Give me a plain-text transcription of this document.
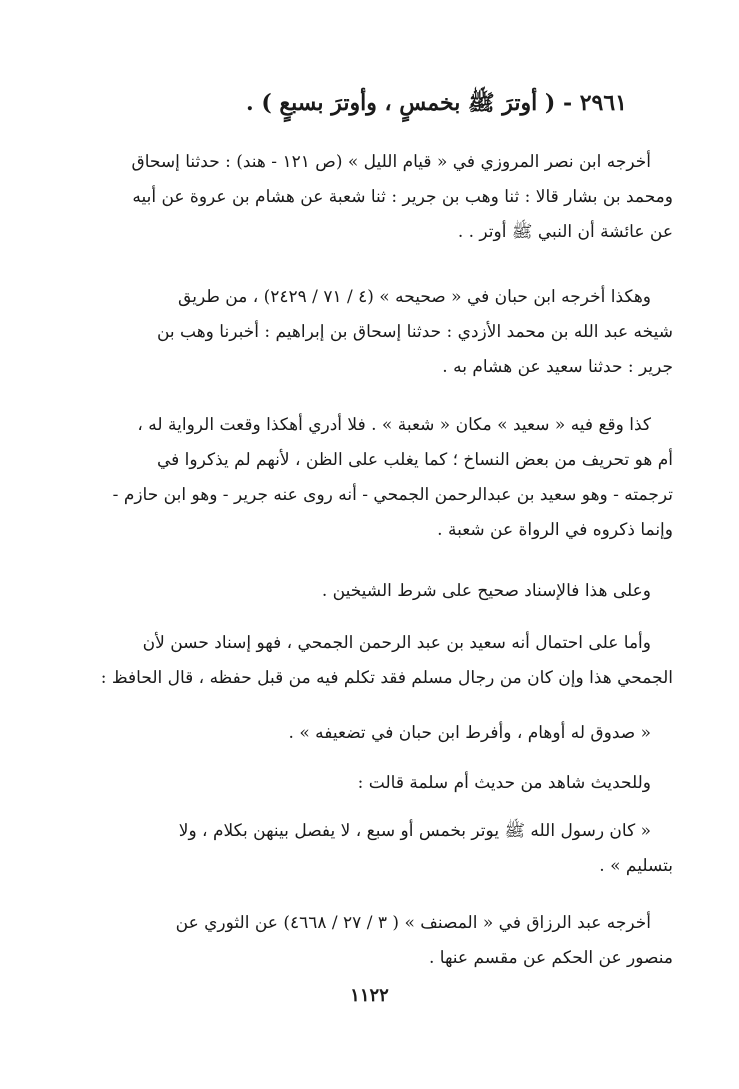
٢٩٦١ - ( أوترَ ﷺ بخمسٍ ، وأوترَ بسبعٍ ) .
أخرجه ابن نصر المروزي في « قيام الليل » (ص ١٢١ - هند) : حدثنا إسحاق
ومحمد بن بشار قالا : ثنا وهب بن جرير : ثنا شعبة عن هشام بن عروة عن أبيه
عن عائشة أن النبي ﷺ أوتر . .
وهكذا أخرجه ابن حبان في « صحيحه » (٤ / ٧١ / ٢٤٢٩) ، من طريق
شيخه عبد الله بن محمد الأزدي : حدثنا إسحاق بن إبراهيم : أخبرنا وهب بن
جرير : حدثنا سعيد عن هشام به .
كذا وقع فيه « سعيد » مكان « شعبة » . فلا أدري أهكذا وقعت الرواية له ،
أم هو تحريف من بعض النساخ ؛ كما يغلب على الظن ، لأنهم لم يذكروا في
ترجمته - وهو سعيد بن عبدالرحمن الجمحي - أنه روى عنه جرير - وهو ابن حازم -
وإنما ذكروه في الرواة عن شعبة .
وعلى هذا فالإسناد صحيح على شرط الشيخين .
وأما على احتمال أنه سعيد بن عبد الرحمن الجمحي ، فهو إسناد حسن لأن
الجمحي هذا وإن كان من رجال مسلم فقد تكلم فيه من قبل حفظه ، قال الحافظ :
« صدوق له أوهام ، وأفرط ابن حبان في تضعيفه » .
وللحديث شاهد من حديث أم سلمة قالت :
« كان رسول الله ﷺ يوتر بخمس أو سبع ، لا يفصل بينهن بكلام ، ولا
بتسليم » .
أخرجه عبد الرزاق في « المصنف » ( ٣ / ٢٧ / ٤٦٦٨) عن الثوري عن
منصور عن الحكم عن مقسم عنها .
١١٢٢
